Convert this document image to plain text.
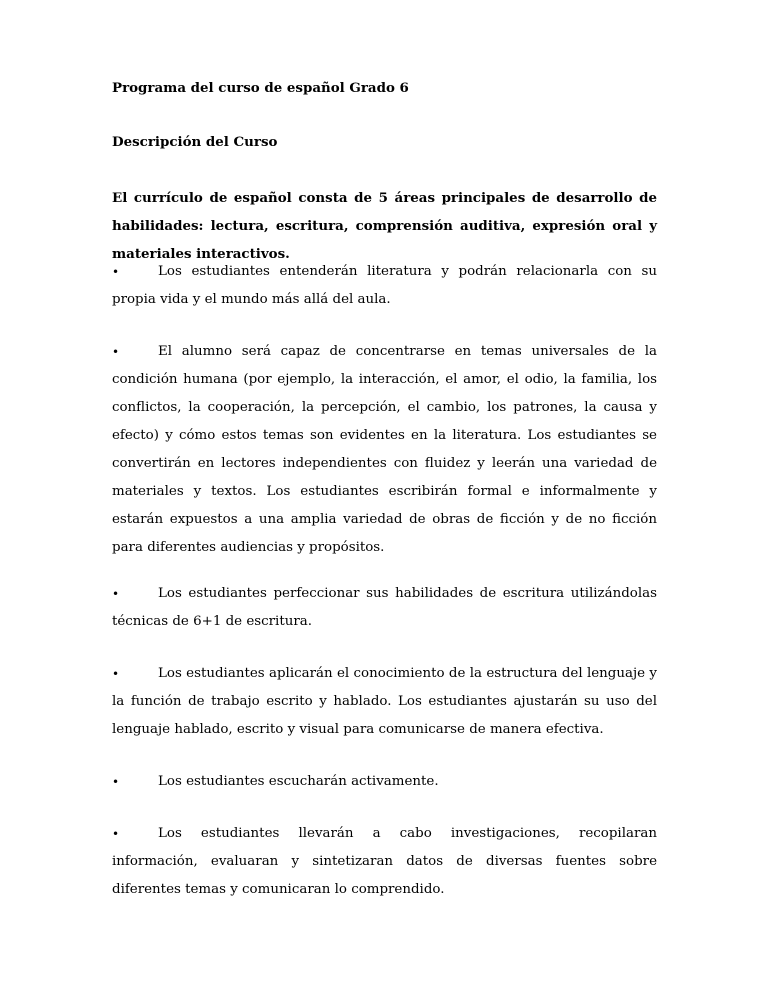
Programa del curso de español Grado 6
Descripción del Curso

El currículo de español consta de 5 áreas principales de desarrollo de habilidades: lectura, escritura, comprensión auditiva, expresión oral y materiales interactivos.

•	Los estudiantes entenderán literatura y podrán relacionarla con su propia vida y el mundo más allá del aula.

•	El alumno será capaz de concentrarse en temas universales de la condición humana (por ejemplo, la interacción, el amor, el odio, la familia, los conflictos, la cooperación, la percepción, el cambio, los patrones, la causa y efecto) y cómo estos temas son evidentes en la literatura. Los estudiantes se convertirán en lectores independientes con fluidez y leerán una variedad de materiales y textos. Los estudiantes escribirán formal e informalmente y estarán expuestos a una amplia variedad de obras de ficción y de no ficción para diferentes audiencias y propósitos.

•	Los estudiantes perfeccionar sus habilidades de escritura utilizándolas técnicas de 6+1 de escritura.

•	Los estudiantes aplicarán el conocimiento de la estructura del lenguaje y la función de trabajo escrito y hablado. Los estudiantes ajustarán su uso del lenguaje hablado, escrito y visual para comunicarse de manera efectiva.

•	Los estudiantes escucharán activamente.

•	Los estudiantes llevarán a cabo investigaciones, recopilaran información, evaluaran y sintetizaran datos de diversas fuentes sobre diferentes temas y comunicaran lo comprendido.
